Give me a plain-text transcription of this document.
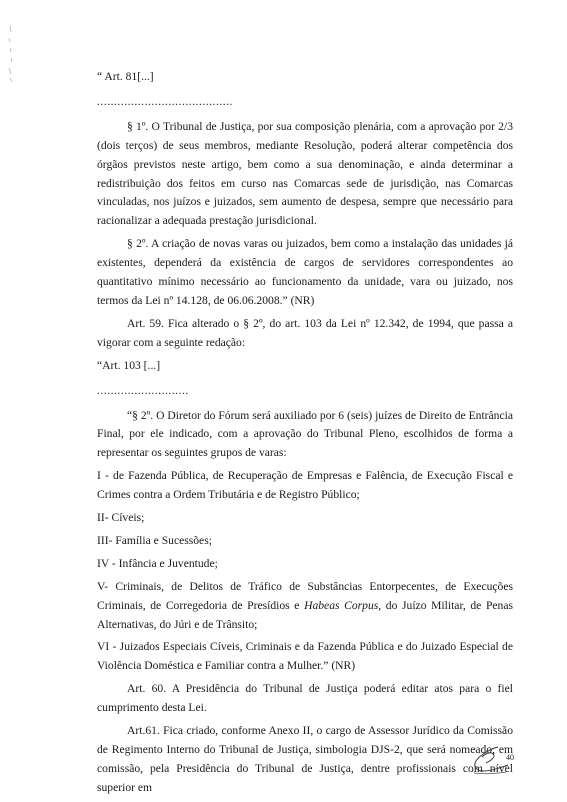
“ Art. 81[...]

........................................

§ 1º. O Tribunal de Justiça, por sua composição plenária, com a aprovação por 2/3 (dois terços) de seus membros, mediante Resolução, poderá alterar competência dos órgãos previstos neste artigo, bem como a sua denominação, e ainda determinar a redistribuição dos feitos em curso nas Comarcas sede de jurisdição, nas Comarcas vinculadas, nos juízos e juizados, sem aumento de despesa, sempre que necessário para racionalizar a adequada prestação jurisdicional.

§ 2º. A criação de novas varas ou juizados, bem como a instalação das unidades já existentes, dependerá da existência de cargos de servidores correspondentes ao quantitativo mínimo necessário ao funcionamento da unidade, vara ou juizado, nos termos da Lei nº 14.128, de 06.06.2008.” (NR)

Art. 59. Fica alterado o § 2º, do art. 103 da Lei nº 12.342, de 1994, que passa a vigorar com a seguinte redação:

“Art. 103 [...]

...........................

“§ 2º. O Diretor do Fórum será auxiliado por 6 (seis) juízes de Direito de Entrância Final, por ele indicado, com a aprovação do Tribunal Pleno, escolhidos de forma a representar os seguintes grupos de varas:

I - de Fazenda Pública, de Recuperação de Empresas e Falência, de Execução Fiscal e Crimes contra a Ordem Tributária e de Registro Público;

II- Cíveis;

III- Família e Sucessões;

IV - Infância e Juventude;

V- Criminais, de Delitos de Tráfico de Substâncias Entorpecentes, de Execuções Criminais, de Corregedoria de Presídios e Habeas Corpus, do Juízo Militar, de Penas Alternativas, do Júri e de Trânsito;

VI - Juizados Especiais Cíveis, Criminais e da Fazenda Pública e do Juizado Especial de Violência Doméstica e Familiar contra a Mulher.” (NR)

Art. 60. A Presidência do Tribunal de Justiça poderá editar atos para o fiel cumprimento desta Lei.

Art.61. Fica criado, conforme Anexo II, o cargo de Assessor Jurídico da Comissão de Regimento Interno do Tribunal de Justiça, simbologia DJS-2, que será nomeado, em comissão, pela Presidência do Tribunal de Justiça, dentre profissionais com nível superior em

40
